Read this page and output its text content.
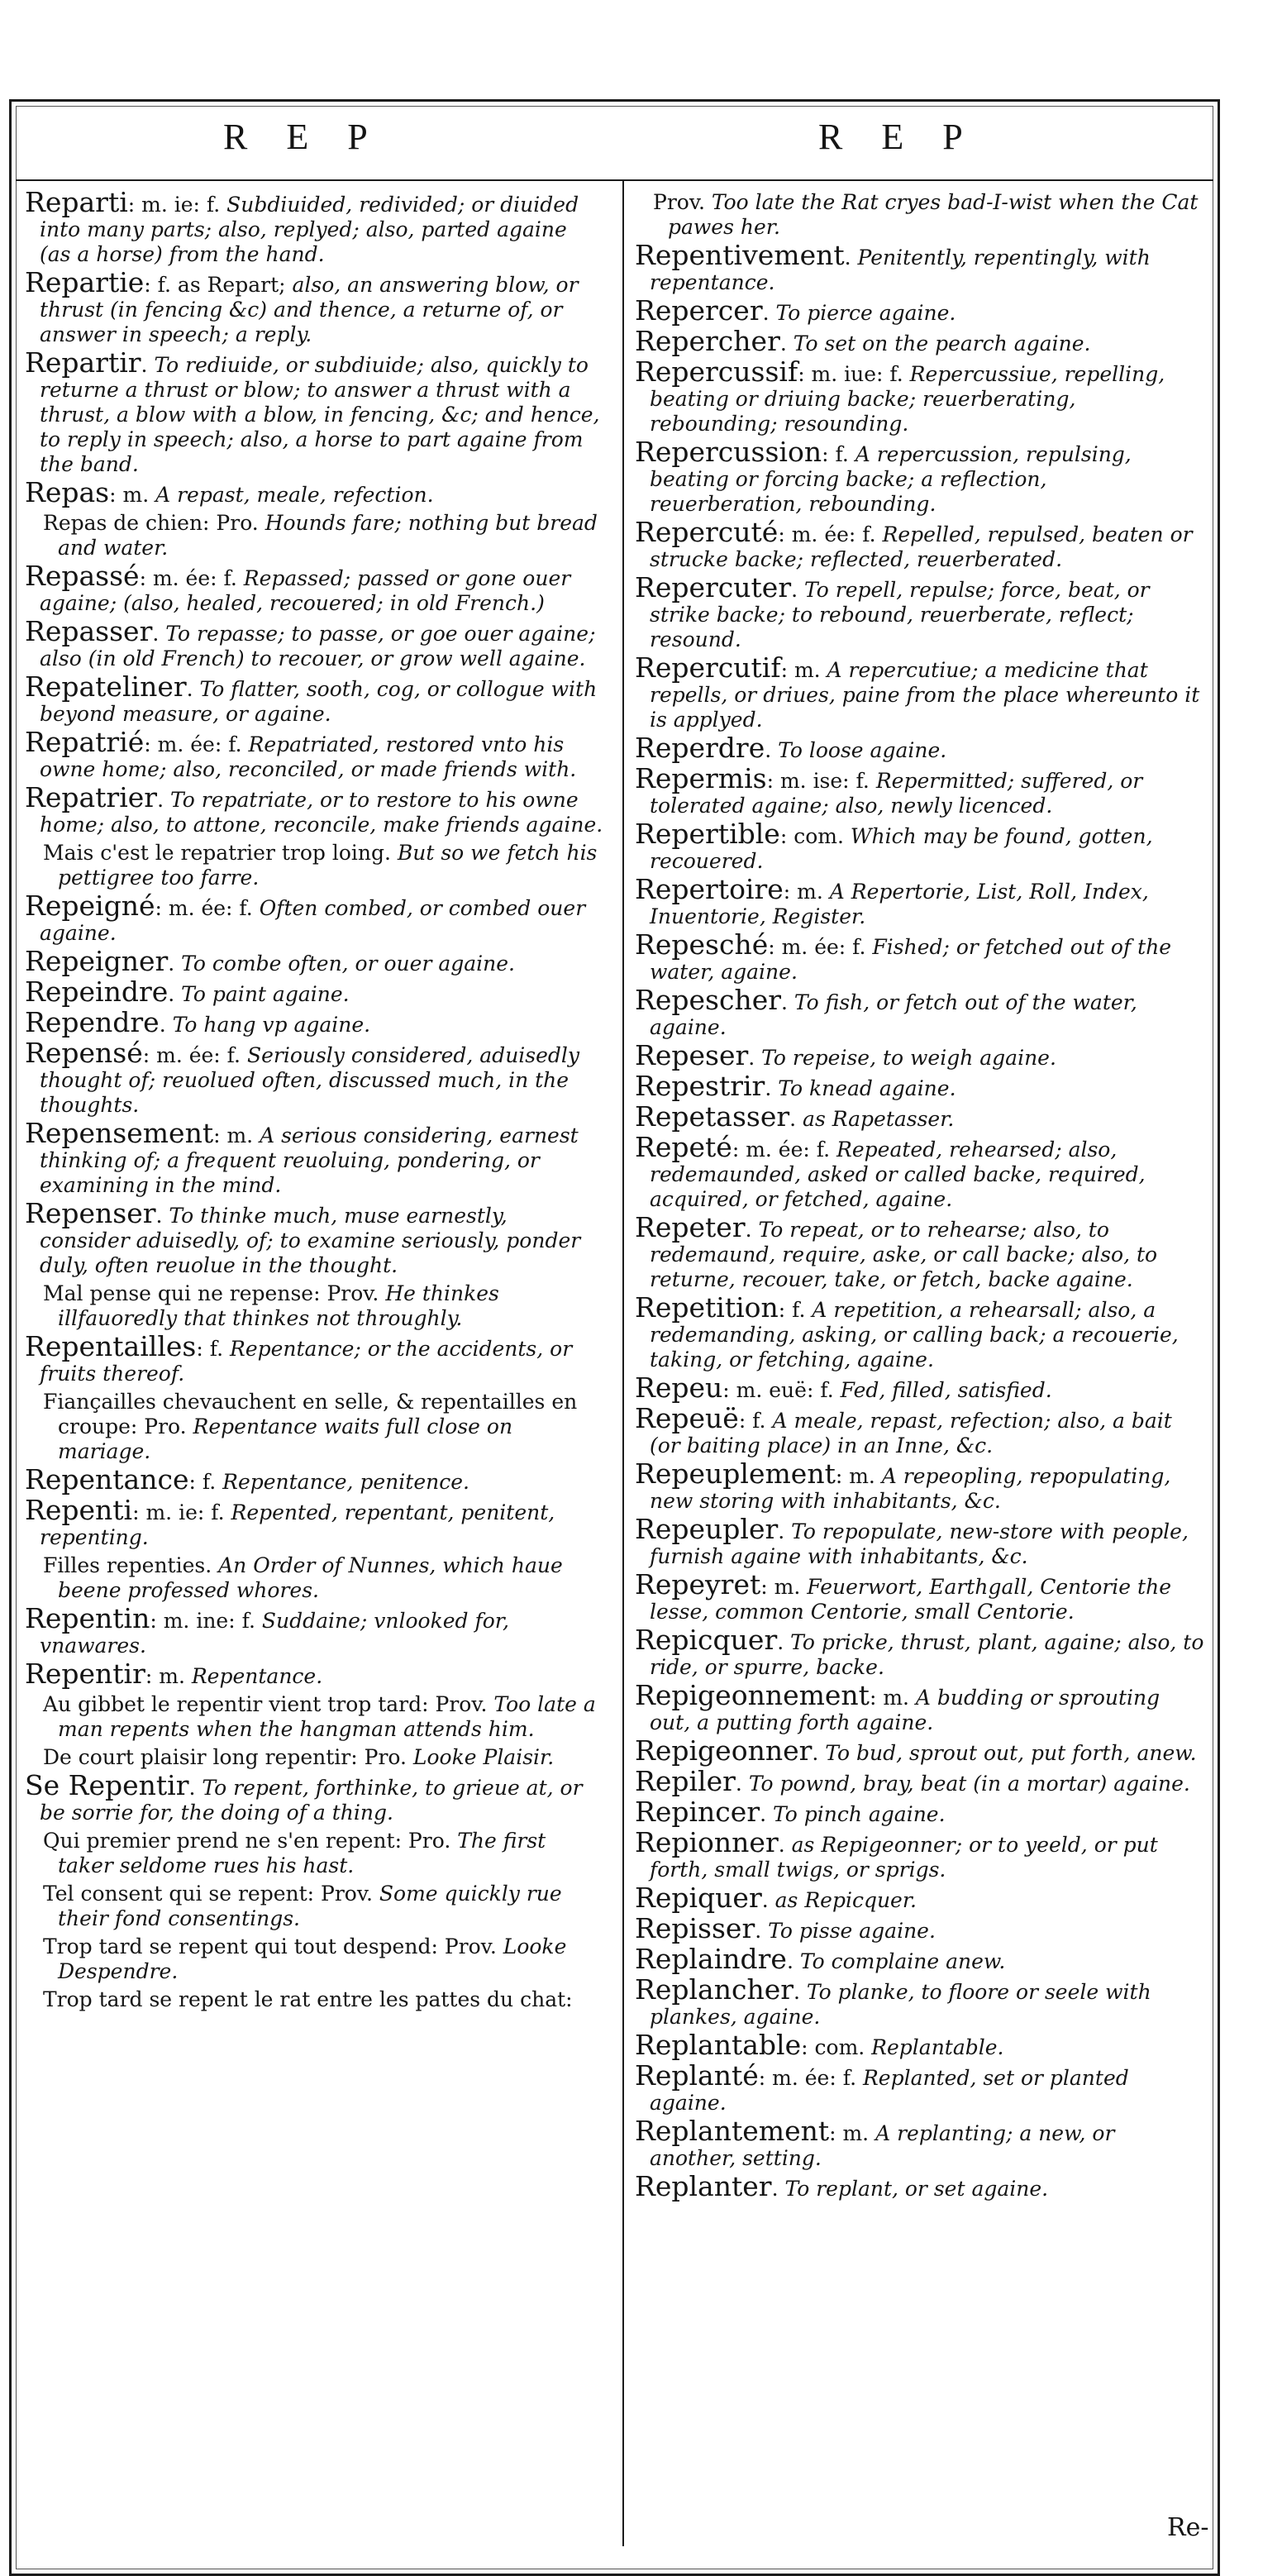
R E P	R E P

Reparti: m. ie: f. Subdiuided, redivided; or diuided into many parts; also, replyed; also, parted againe (as a horse) from the hand.

Repartie: f. as Repart; also, an answering blow, or thrust (in fencing &c) and thence, a returne of, or answer in speech; a reply.

Repartir. To rediuide, or subdiuide; also, quickly to returne a thrust or blow; to answer a thrust with a thrust, a blow with a blow, in fencing, &c; and hence, to reply in speech; also, a horse to part againe from the band.

Repas: m. A repast, meale, refection.

Repas de chien: Pro. Hounds fare; nothing but bread and water.

Repassé: m. ée: f. Repassed; passed or gone ouer againe; (also, healed, recouered; in old French.)

Repasser. To repasse; to passe, or goe ouer againe; also (in old French) to recouer, or grow well againe.

Repateliner. To flatter, sooth, cog, or collogue with beyond measure, or againe.

Repatrié: m. ée: f. Repatriated, restored vnto his owne home; also, reconciled, or made friends with.

Repatrier. To repatriate, or to restore to his owne home; also, to attone, reconcile, make friends againe.

Mais c'est le repatrier trop loing. But so we fetch his pettigree too farre.

Repeigné: m. ée: f. Often combed, or combed ouer againe.

Repeigner. To combe often, or ouer againe.

Repeindre. To paint againe.

Rependre. To hang vp againe.

Repensé: m. ée: f. Seriously considered, aduisedly thought of; reuolued often, discussed much, in the thoughts.

Repensement: m. A serious considering, earnest thinking of; a frequent reuoluing, pondering, or examining in the mind.

Repenser. To thinke much, muse earnestly, consider aduisedly, of; to examine seriously, ponder duly, often reuolue in the thought.

Mal pense qui ne repense: Prov. He thinkes illfauoredly that thinkes not throughly.

Repentailles: f. Repentance; or the accidents, or fruits thereof.

Fiançailles chevauchent en selle, & repentailles en croupe: Pro. Repentance waits full close on mariage.

Repentance: f. Repentance, penitence.

Repenti: m. ie: f. Repented, repentant, penitent, repenting.

Filles repenties. An Order of Nunnes, which haue beene professed whores.

Repentin: m. ine: f. Suddaine; vnlooked for, vnawares.

Repentir: m. Repentance.

Au gibbet le repentir vient trop tard: Prov. Too late a man repents when the hangman attends him.

De court plaisir long repentir: Pro. Looke Plaisir.

Se Repentir. To repent, forthinke, to grieue at, or be sorrie for, the doing of a thing.

Qui premier prend ne s'en repent: Pro. The first taker seldome rues his hast.

Tel consent qui se repent: Prov. Some quickly rue their fond consentings.

Trop tard se repent qui tout despend: Prov. Looke Despendre.

Trop tard se repent le rat entre les pattes du chat:

Prov. Too late the Rat cryes bad-I-wist when the Cat pawes her.

Repentivement. Penitently, repentingly, with repentance.

Repercer. To pierce againe.

Repercher. To set on the pearch againe.

Repercussif: m. iue: f. Repercussiue, repelling, beating or driuing backe; reuerberating, rebounding; resounding.

Repercussion: f. A repercussion, repulsing, beating or forcing backe; a reflection, reuerberation, rebounding.

Repercuté: m. ée: f. Repelled, repulsed, beaten or strucke backe; reflected, reuerberated.

Repercuter. To repell, repulse; force, beat, or strike backe; to rebound, reuerberate, reflect; resound.

Repercutif: m. A repercutiue; a medicine that repells, or driues, paine from the place whereunto it is applyed.

Reperdre. To loose againe.

Repermis: m. ise: f. Repermitted; suffered, or tolerated againe; also, newly licenced.

Repertible: com. Which may be found, gotten, recouered.

Repertoire: m. A Repertorie, List, Roll, Index, Inuentorie, Register.

Repesché: m. ée: f. Fished; or fetched out of the water, againe.

Repescher. To fish, or fetch out of the water, againe.

Repeser. To repeise, to weigh againe.

Repestrir. To knead againe.

Repetasser. as Rapetasser.

Repeté: m. ée: f. Repeated, rehearsed; also, redemaunded, asked or called backe, required, acquired, or fetched, againe.

Repeter. To repeat, or to rehearse; also, to redemaund, require, aske, or call backe; also, to returne, recouer, take, or fetch, backe againe.

Repetition: f. A repetition, a rehearsall; also, a redemanding, asking, or calling back; a recouerie, taking, or fetching, againe.

Repeu: m. euë: f. Fed, filled, satisfied.

Repeuë: f. A meale, repast, refection; also, a bait (or baiting place) in an Inne, &c.

Repeuplement: m. A repeopling, repopulating, new storing with inhabitants, &c.

Repeupler. To repopulate, new-store with people, furnish againe with inhabitants, &c.

Repeyret: m. Feuerwort, Earthgall, Centorie the lesse, common Centorie, small Centorie.

Repicquer. To pricke, thrust, plant, againe; also, to ride, or spurre, backe.

Repigeonnement: m. A budding or sprouting out, a putting forth againe.

Repigeonner. To bud, sprout out, put forth, anew.

Repiler. To pownd, bray, beat (in a mortar) againe.

Repincer. To pinch againe.

Repionner. as Repigeonner; or to yeeld, or put forth, small twigs, or sprigs.

Repiquer. as Repicquer.

Repisser. To pisse againe.

Replaindre. To complaine anew.

Replancher. To planke, to floore or seele with plankes, againe.

Replantable: com. Replantable.

Replanté: m. ée: f. Replanted, set or planted againe.

Replantement: m. A replanting; a new, or another, setting.

Replanter. To replant, or set againe.

Re-
